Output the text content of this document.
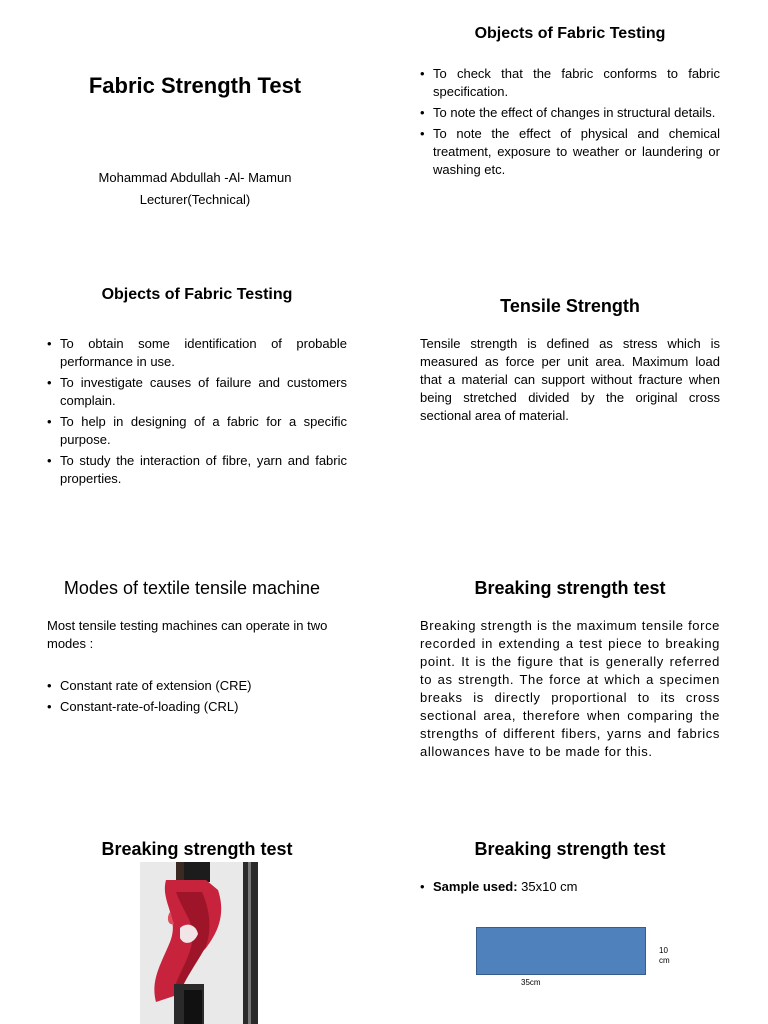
Fabric Strength Test

Mohammad Abdullah -Al- Mamun

Lecturer(Technical)

Objects of Fabric Testing
• To check that the fabric conforms to fabric specification.
• To note the effect of changes in structural details.
• To note the effect of physical and chemical treatment, exposure to weather or laundering or washing etc.
Objects of Fabric Testing
• To obtain some identification of probable performance in use.
• To investigate causes of failure and customers complain.
• To help in designing of a fabric for a specific purpose.
• To study the interaction of fibre, yarn and fabric properties.
Tensile Strength

Tensile strength is defined as stress which is measured as force per unit area. Maximum load that a material can support without fracture when being stretched divided by the original cross sectional area of material.

Modes of textile tensile machine

Most tensile testing machines can operate in two modes :

• Constant rate of extension (CRE)
• Constant-rate-of-loading (CRL)
Breaking strength test

Breaking strength is the maximum tensile force recorded in extending a test piece to breaking point. It is the figure that is generally referred to as strength. The force at which a specimen breaks is directly proportional to its cross sectional area, therefore when comparing the strengths of different fibers, yarns and fabrics allowances have to be made for this.

Breaking strength test	Breaking strength test
• Sample used: 35x10 cm
10
cm
35cm
